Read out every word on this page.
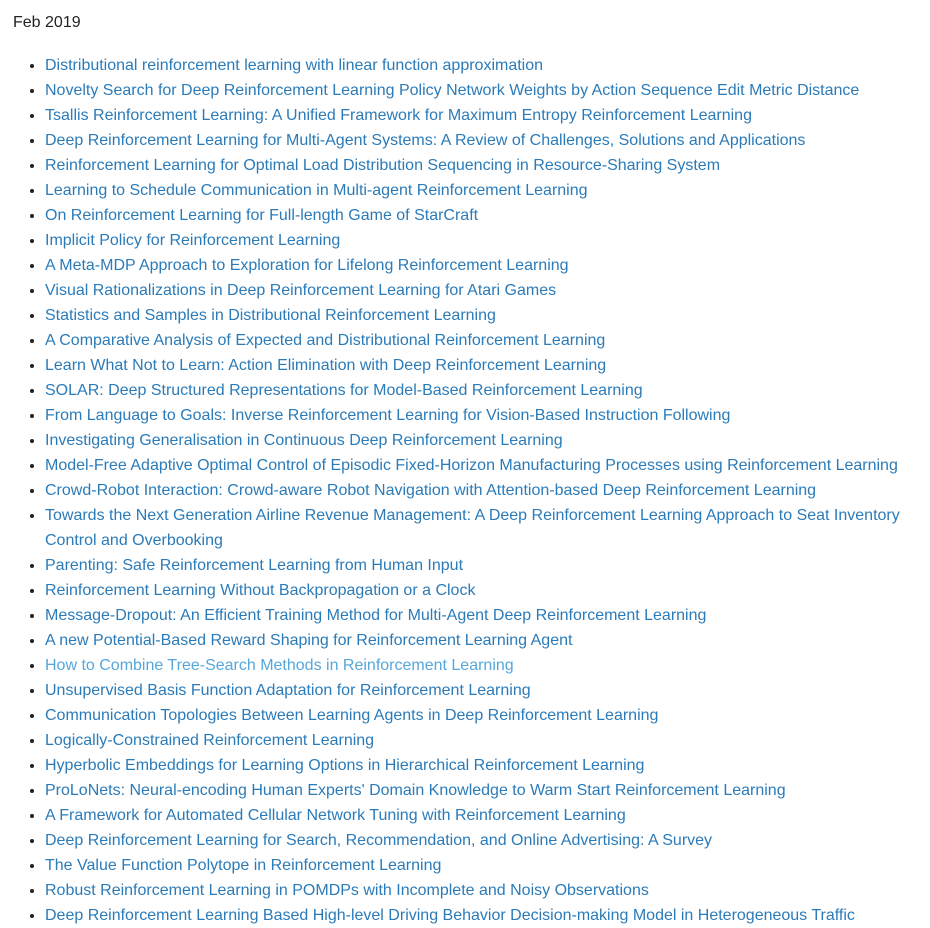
Feb 2019
• Distributional reinforcement learning with linear function approximation
• Novelty Search for Deep Reinforcement Learning Policy Network Weights by Action Sequence Edit Metric Distance
• Tsallis Reinforcement Learning: A Unified Framework for Maximum Entropy Reinforcement Learning
• Deep Reinforcement Learning for Multi-Agent Systems: A Review of Challenges, Solutions and Applications
• Reinforcement Learning for Optimal Load Distribution Sequencing in Resource-Sharing System
• Learning to Schedule Communication in Multi-agent Reinforcement Learning
• On Reinforcement Learning for Full-length Game of StarCraft
• Implicit Policy for Reinforcement Learning
• A Meta-MDP Approach to Exploration for Lifelong Reinforcement Learning
• Visual Rationalizations in Deep Reinforcement Learning for Atari Games
• Statistics and Samples in Distributional Reinforcement Learning
• A Comparative Analysis of Expected and Distributional Reinforcement Learning
• Learn What Not to Learn: Action Elimination with Deep Reinforcement Learning
• SOLAR: Deep Structured Representations for Model-Based Reinforcement Learning
• From Language to Goals: Inverse Reinforcement Learning for Vision-Based Instruction Following
• Investigating Generalisation in Continuous Deep Reinforcement Learning
• Model-Free Adaptive Optimal Control of Episodic Fixed-Horizon Manufacturing Processes using Reinforcement Learning
• Crowd-Robot Interaction: Crowd-aware Robot Navigation with Attention-based Deep Reinforcement Learning
• Towards the Next Generation Airline Revenue Management: A Deep Reinforcement Learning Approach to Seat Inventory Control and Overbooking
• Parenting: Safe Reinforcement Learning from Human Input
• Reinforcement Learning Without Backpropagation or a Clock
• Message-Dropout: An Efficient Training Method for Multi-Agent Deep Reinforcement Learning
• A new Potential-Based Reward Shaping for Reinforcement Learning Agent
• How to Combine Tree-Search Methods in Reinforcement Learning
• Unsupervised Basis Function Adaptation for Reinforcement Learning
• Communication Topologies Between Learning Agents in Deep Reinforcement Learning
• Logically-Constrained Reinforcement Learning
• Hyperbolic Embeddings for Learning Options in Hierarchical Reinforcement Learning
• ProLoNets: Neural-encoding Human Experts' Domain Knowledge to Warm Start Reinforcement Learning
• A Framework for Automated Cellular Network Tuning with Reinforcement Learning
• Deep Reinforcement Learning for Search, Recommendation, and Online Advertising: A Survey
• The Value Function Polytope in Reinforcement Learning
• Robust Reinforcement Learning in POMDPs with Incomplete and Noisy Observations
• Deep Reinforcement Learning Based High-level Driving Behavior Decision-making Model in Heterogeneous Traffic
